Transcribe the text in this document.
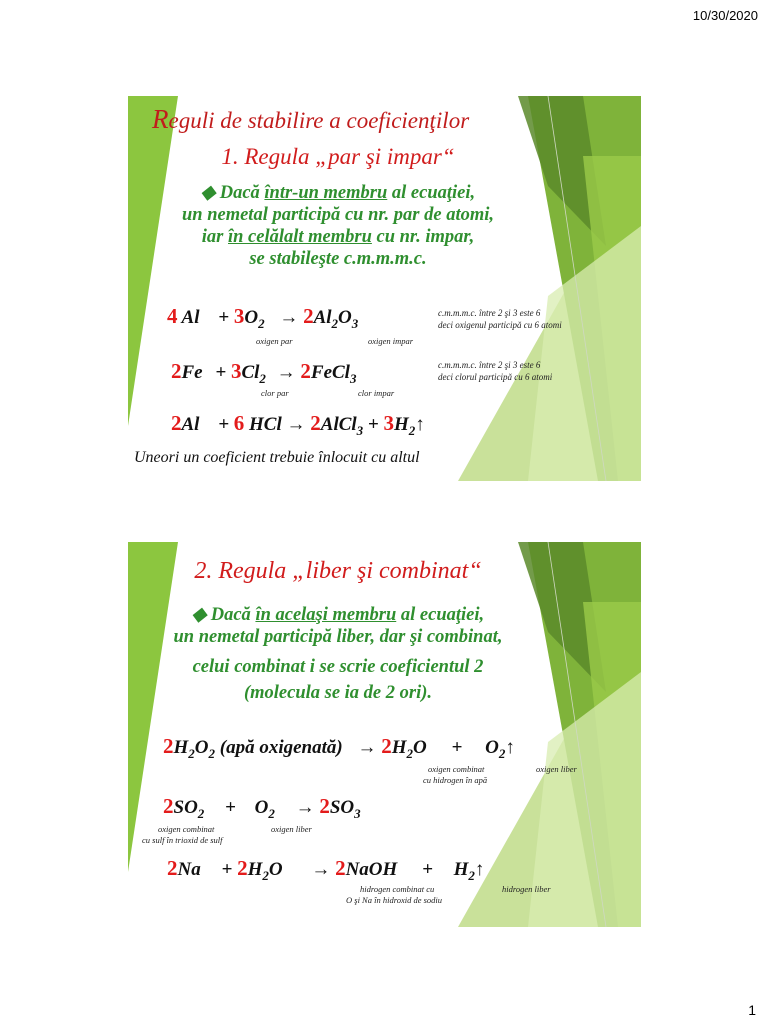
10/30/2020
Reguli de stabilire a coeficienţilor
1. Regula „par şi impar“
◆ Dacă într-un membru al ecuaţiei,
un nemetal participă cu nr. par de atomi,
iar în celălalt membru cu nr. impar,
se stabileşte c.m.m.m.c.
4 $Al + 3O_2 \to 2Al_2O_3$
oxigen par	oxigen impar
c.m.m.m.c. între 2 şi 3 este 6
deci oxigenul participă cu 6 atomi
$2Fe + 3Cl_2$ → 2FeCl$_3$
clor par	clor impar
c.m.m.m.c. între 2 şi 3 este 6
deci clorul participă cu 6 atomi
2Al + 6 HCl → 2AlCl$_3$ + $3H_2↑$
Uneori un coeficient trebuie înlocuit cu altul
2. Regula „liber şi combinat“
◆ Dacă în acelaşi membru al ecuaţiei,
un nemetal participă liber, dar şi combinat,
celui combinat i se scrie coeficientul 2
(molecula se ia de 2 ori).
$2H_2O_2$ (apă oxigenată) → $2H_2O$ + $O_2↑$
oxigen combinat
cu hidrogen în apă
oxigen liber
$2SO_2 + O_2 \to 2SO_3$
oxigen combinat
cu sulf în trioxid de sulf
oxigen liber
$2Na + 2H_2O$ → 2NaOH + $H_2↑$
hidrogen combinat cu
O şi Na în hidroxid de sodiu
hidrogen liber
1
